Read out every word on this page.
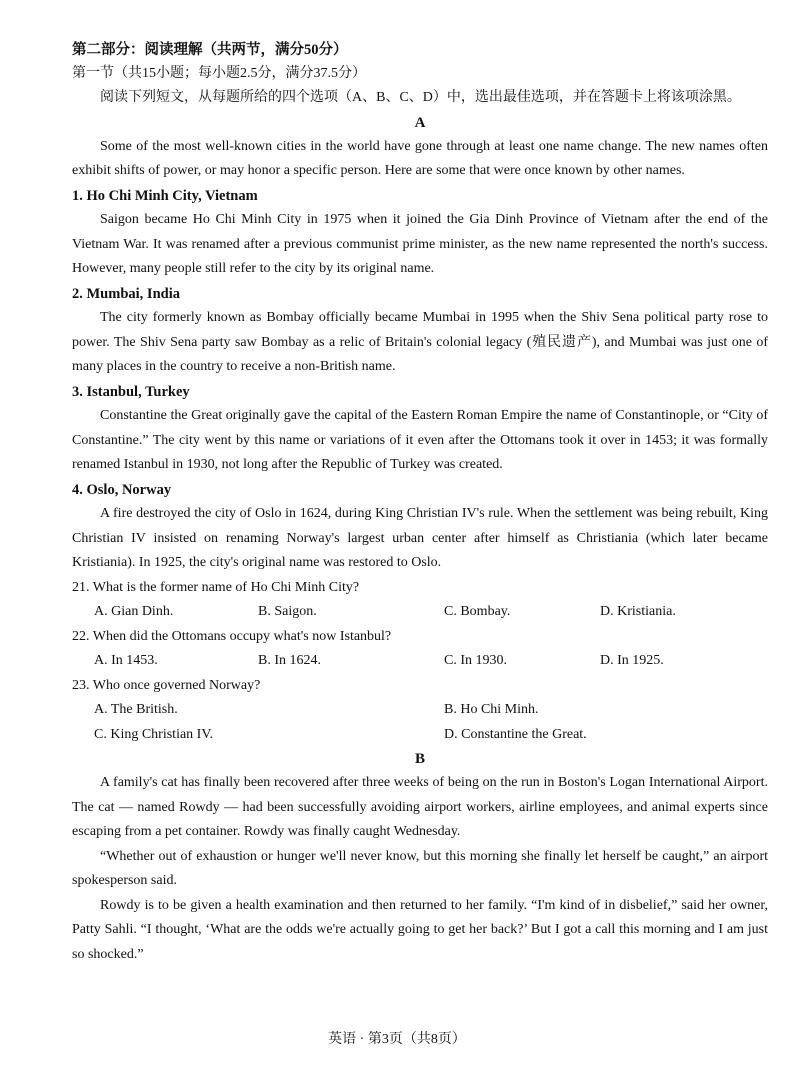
第二部分：阅读理解（共两节，满分50分）
第一节（共15小题；每小题2.5分，满分37.5分）
阅读下列短文，从每题所给的四个选项（A、B、C、D）中，选出最佳选项，并在答题卡上将该项涂黑。
A
Some of the most well-known cities in the world have gone through at least one name change. The new names often exhibit shifts of power, or may honor a specific person. Here are some that were once known by other names.
1. Ho Chi Minh City, Vietnam
Saigon became Ho Chi Minh City in 1975 when it joined the Gia Dinh Province of Vietnam after the end of the Vietnam War. It was renamed after a previous communist prime minister, as the new name represented the north's success. However, many people still refer to the city by its original name.
2. Mumbai, India
The city formerly known as Bombay officially became Mumbai in 1995 when the Shiv Sena political party rose to power. The Shiv Sena party saw Bombay as a relic of Britain's colonial legacy (殖民遗产), and Mumbai was just one of many places in the country to receive a non-British name.
3. Istanbul, Turkey
Constantine the Great originally gave the capital of the Eastern Roman Empire the name of Constantinople, or “City of Constantine.” The city went by this name or variations of it even after the Ottomans took it over in 1453; it was formally renamed Istanbul in 1930, not long after the Republic of Turkey was created.
4. Oslo, Norway
A fire destroyed the city of Oslo in 1624, during King Christian IV's rule. When the settlement was being rebuilt, King Christian IV insisted on renaming Norway's largest urban center after himself as Christiania (which later became Kristiania). In 1925, the city's original name was restored to Oslo.
21. What is the former name of Ho Chi Minh City?
A. Gian Dinh.	B. Saigon.	C. Bombay.	D. Kristiania.
22. When did the Ottomans occupy what's now Istanbul?
A. In 1453.	B. In 1624.	C. In 1930.	D. In 1925.
23. Who once governed Norway?
A. The British.	B. Ho Chi Minh.
C. King Christian IV.	D. Constantine the Great.
B
A family's cat has finally been recovered after three weeks of being on the run in Boston's Logan International Airport. The cat — named Rowdy — had been successfully avoiding airport workers, airline employees, and animal experts since escaping from a pet container. Rowdy was finally caught Wednesday.
“Whether out of exhaustion or hunger we'll never know, but this morning she finally let herself be caught,” an airport spokesperson said.
Rowdy is to be given a health examination and then returned to her family. “I'm kind of in disbelief,” said her owner, Patty Sahli. “I thought, ‘What are the odds we're actually going to get her back?’ But I got a call this morning and I am just so shocked.”
英语 · 第3页（共8页）
